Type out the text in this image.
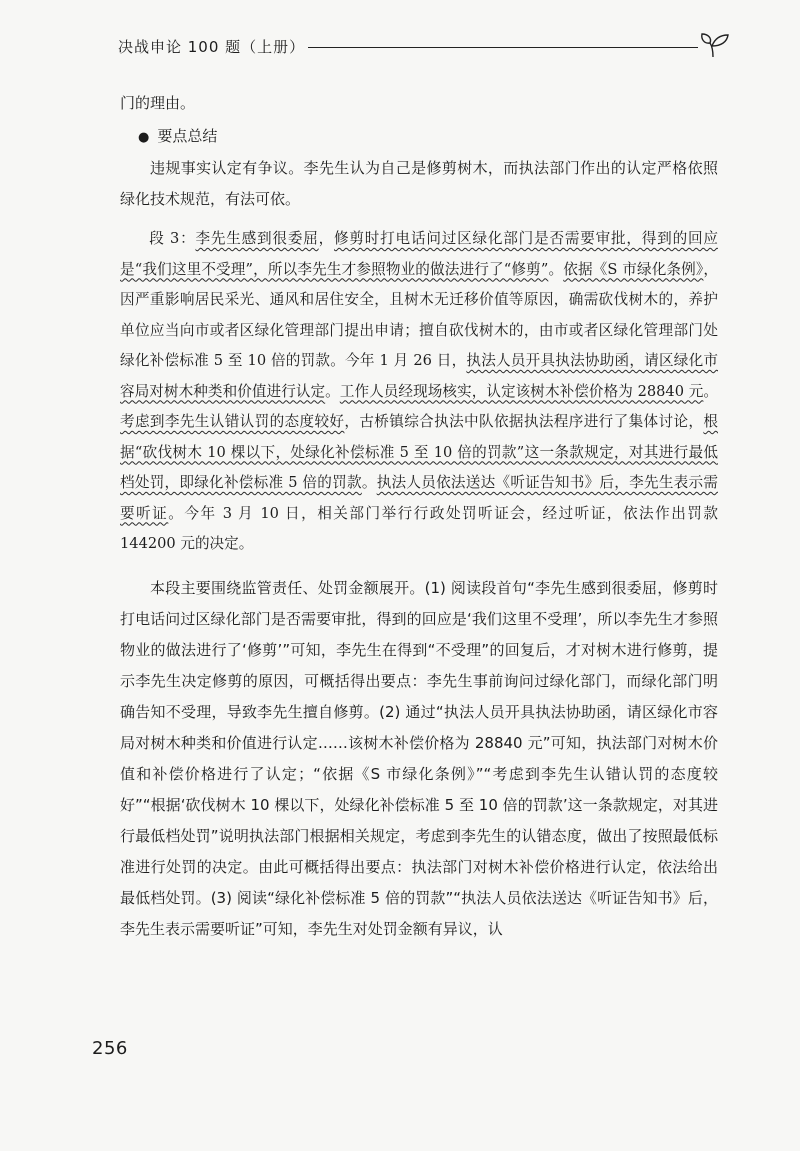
决战申论 100 题（上册）

门的理由。

● 要点总结

违规事实认定有争议。李先生认为自己是修剪树木，而执法部门作出的认定严格依照绿化技术规范，有法可依。

段 3：李先生感到很委屈，修剪时打电话问过区绿化部门是否需要审批，得到的回应是“我们这里不受理”，所以李先生才参照物业的做法进行了“修剪”。依据《S 市绿化条例》，因严重影响居民采光、通风和居住安全，且树木无迁移价值等原因，确需砍伐树木的，养护单位应当向市或者区绿化管理部门提出申请；擅自砍伐树木的，由市或者区绿化管理部门处绿化补偿标准 5 至 10 倍的罚款。今年 1 月 26 日，执法人员开具执法协助函，请区绿化市容局对树木种类和价值进行认定。工作人员经现场核实，认定该树木补偿价格为 28840 元。考虑到李先生认错认罚的态度较好，古桥镇综合执法中队依据执法程序进行了集体讨论，根据“砍伐树木 10 棵以下，处绿化补偿标准 5 至 10 倍的罚款”这一条款规定，对其进行最低档处罚，即绿化补偿标准 5 倍的罚款。执法人员依法送达《听证告知书》后，李先生表示需要听证。今年 3 月 10 日，相关部门举行行政处罚听证会，经过听证，依法作出罚款 144200 元的决定。

本段主要围绕监管责任、处罚金额展开。(1) 阅读段首句“李先生感到很委屈，修剪时打电话问过区绿化部门是否需要审批，得到的回应是‘我们这里不受理’，所以李先生才参照物业的做法进行了‘修剪’”可知，李先生在得到“不受理”的回复后，才对树木进行修剪，提示李先生决定修剪的原因，可概括得出要点：李先生事前询问过绿化部门，而绿化部门明确告知不受理，导致李先生擅自修剪。(2) 通过“执法人员开具执法协助函，请区绿化市容局对树木种类和价值进行认定……该树木补偿价格为 28840 元”可知，执法部门对树木价值和补偿价格进行了认定；“依据《S 市绿化条例》”“考虑到李先生认错认罚的态度较好”“根据‘砍伐树木 10 棵以下，处绿化补偿标准 5 至 10 倍的罚款’这一条款规定，对其进行最低档处罚”说明执法部门根据相关规定，考虑到李先生的认错态度，做出了按照最低标准进行处罚的决定。由此可概括得出要点：执法部门对树木补偿价格进行认定，依法给出最低档处罚。(3) 阅读“绿化补偿标准 5 倍的罚款”“执法人员依法送达《听证告知书》后，李先生表示需要听证”可知，李先生对处罚金额有异议，认

256
